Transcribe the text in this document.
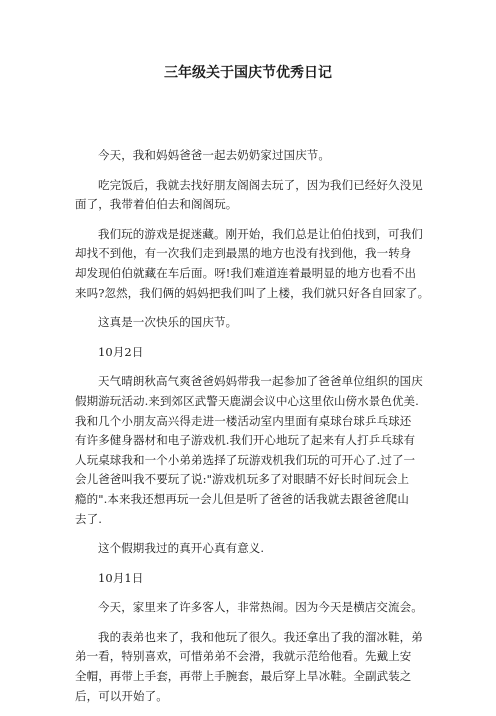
三年级关于国庆节优秀日记
今天，我和妈妈爸爸一起去奶奶家过国庆节。
吃完饭后，我就去找好朋友阁阁去玩了，因为我们已经好久没见
面了，我带着伯伯去和阁阁玩。
我们玩的游戏是捉迷藏。刚开始，我们总是让伯伯找到，可我们
却找不到他，有一次我们走到最黑的地方也没有找到他，我一转身
却发现伯伯就藏在车后面。呀!我们难道连着最明显的地方也看不出
来吗?忽然，我们俩的妈妈把我们叫了上楼，我们就只好各自回家了。
这真是一次快乐的国庆节。
10月2日
天气晴朗秋高气爽爸爸妈妈带我一起参加了爸爸单位组织的国庆
假期游玩活动.来到郊区武警天鹿湖会议中心这里依山傍水景色优美.
我和几个小朋友高兴得走进一楼活动室内里面有桌球台球乒乓球还
有许多健身器材和电子游戏机.我们开心地玩了起来有人打乒乓球有
人玩桌球我和一个小弟弟选择了玩游戏机我们玩的可开心了.过了一
会儿爸爸叫我不要玩了说:"游戏机玩多了对眼睛不好长时间玩会上
瘾的".本来我还想再玩一会儿但是听了爸爸的话我就去跟爸爸爬山
去了.
这个假期我过的真开心真有意义.
10月1日
今天，家里来了许多客人，非常热闹。因为今天是横店交流会。
我的表弟也来了，我和他玩了很久。我还拿出了我的溜冰鞋，弟
弟一看，特别喜欢，可惜弟弟不会滑，我就示范给他看。先戴上安
全帽，再带上手套，再带上手腕套，最后穿上旱冰鞋。全副武装之
后，可以开始了。
